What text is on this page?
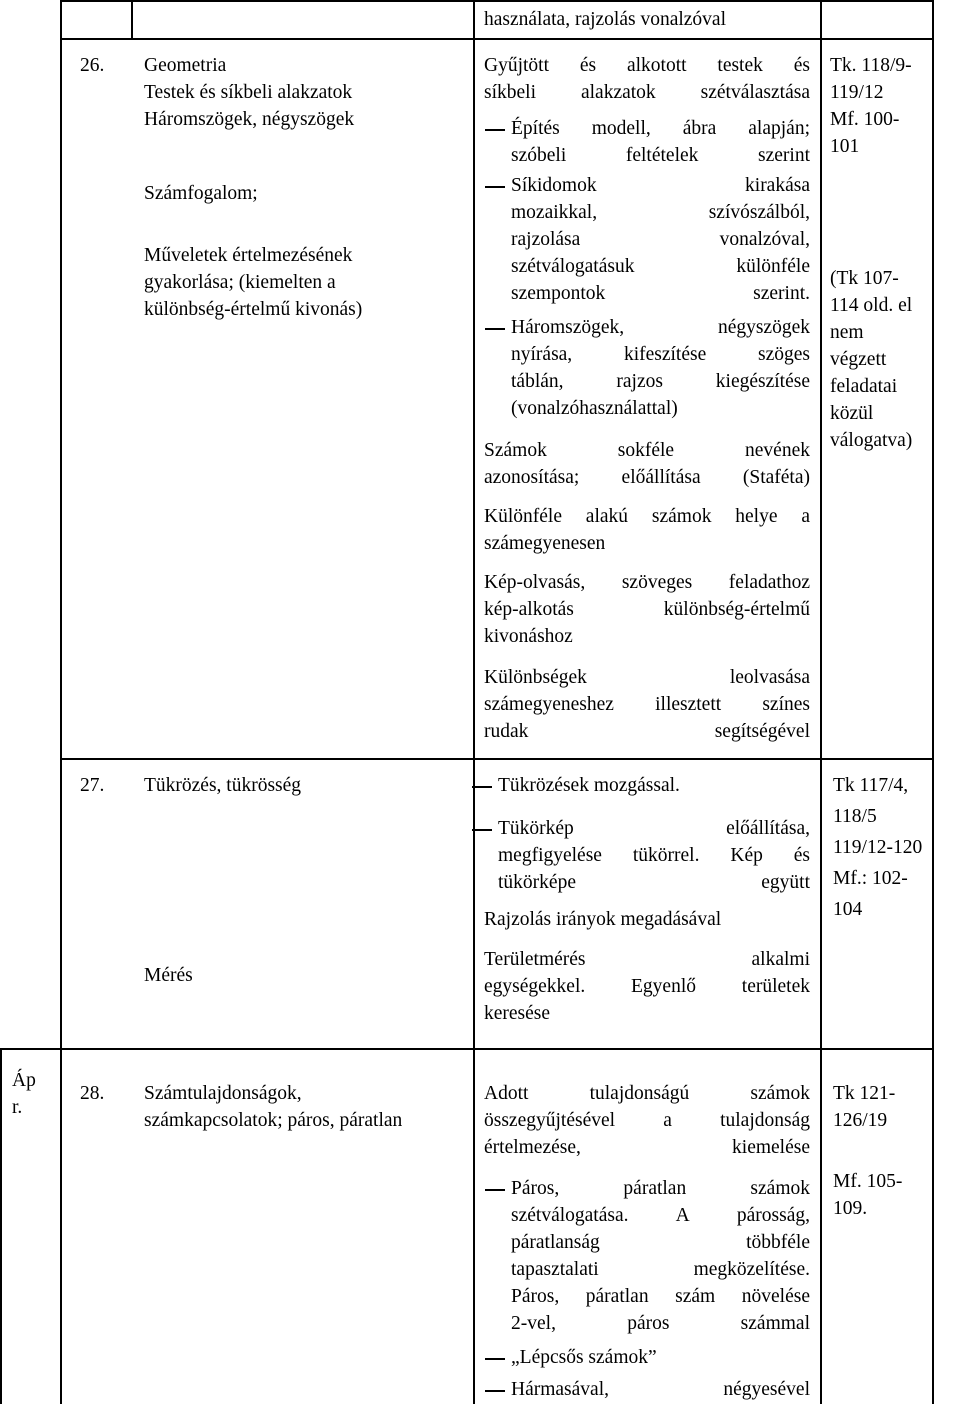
használata, rajzolás vonalzóval
26. Geometria

Testek és síkbeli alakzatok

Háromszögek, négyszögek

Számfogalom;

Műveletek értelmezésének

gyakorlása; (kiemelten a

különbség-értelmű kivonás)

Gyűjtött és alkotott testek és

síkbeli alakzatok szétválasztása

Építés modell, ábra alapján;

szóbeli feltételek szerint

Síkidomok kirakása

mozaikkal, szívószálból,

rajzolása vonalzóval,

szétválogatásuk különféle

szempontok szerint.

Háromszögek, négyszögek

nyírása, kifeszítése szöges

táblán, rajzos kiegészítése

(vonalzóhasználattal)

Számok sokféle nevének

azonosítása; előállítása (Staféta)

Különféle alakú számok helye a

számegyenesen

Kép-olvasás, szöveges feladathoz

kép-alkotás különbség-értelmű

kivonáshoz

Különbségek leolvasása

számegyeneshez illesztett színes

rudak segítségével

Tk. 118/9-

119/12

Mf. 100-

101

(Tk 107-

114 old. el

nem

végzett

feladatai

közül

válogatva)

27. Tükrözés, tükrösség
Mérés

Tükrözések mozgással.

Tükörkép előállítása,

megfigyelése tükörrel. Kép és

tükörképe együtt

Rajzolás irányok megadásával

Területmérés alkalmi

egységekkel. Egyenlő területek

keresése

Tk 117/4,

118/5

119/12-120

Mf.: 102-

104

Áp

r.

28. Számtulajdonságok,

számkapcsolatok; páros, páratlan

Adott tulajdonságú számok

összegyűjtésével a tulajdonság

értelmezése, kiemelése

Páros, páratlan számok

szétválogatása. A párosság,

páratlanság többféle

tapasztalati megközelítése.

Páros, páratlan szám növelése

2-vel, páros számmal

„Lépcsős számok”

Hármasával, négyesével

Tk 121-

126/19

Mf. 105-

109.
